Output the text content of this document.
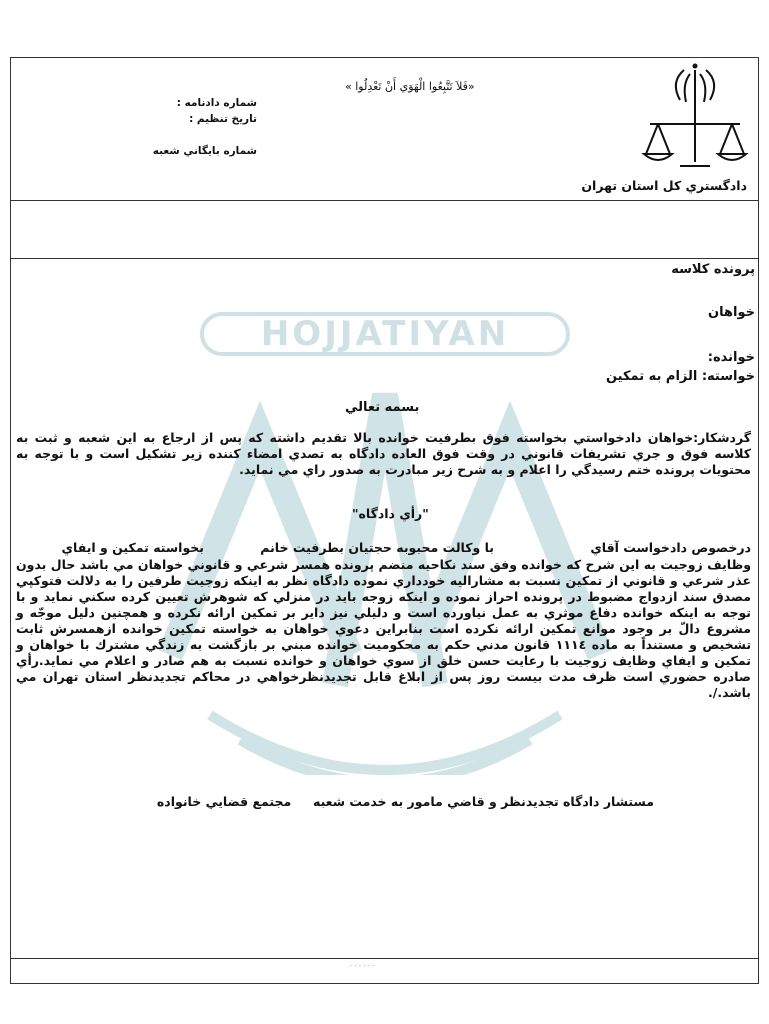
HOJJATIYAN
دادگستري كل استان تهران
«فَلاَ تَتَّبِعُوا الْهَوَي أَنْ تَعْدِلُوا »
شماره دادنامه :
تاريخ تنظيم :
شماره بايگاني شعبه
پرونده كلاسه
خواهان
خوانده:
خواسته: الزام به تمكين
بسمه تعالي

گردشكار:خواهان دادخواستي بخواسته فوق بطرفيت خوانده بالا تقديم داشته كه پس از ارجاع به اين شعبه و ثبت به كلاسه فوق و جري تشريفات قانوني در وقت فوق العاده دادگاه به تصدي امضاء كننده زير تشكيل است و با توجه به محتويات پرونده ختم رسيدگي را اعلام و به شرح زير مبادرت به صدور راي مي نمايد.

"رأي دادگاه"
درخصوص دادخواست آقاي
با وكالت محبوبه حجتيان بطرفيت خانم
بخواسته تمكين و ايفاي

وظايف زوجيت به اين شرح كه خوانده وفق سند نكاحيه منضم پرونده همسر شرعي و قانوني خواهان مي باشد حال بدون عذر شرعي و قانوني از تمكين نسبت به مشاراليه خودداري نموده دادگاه نظر به اينكه زوجيت طرفين را به دلالت فتوكپي مصدق سند ازدواج مضبوط در پرونده احراز نموده و اينكه زوجه بايد در منزلي كه شوهرش تعيين كرده سكني نمايد و با توجه به اينكه خوانده دفاع موثري به عمل نياورده است و دليلي نيز داير بر تمكين ارائه نكرده و همچنين دليل موجّه و مشروع دالّ بر وجود موانع تمكين ارائه نكرده است بنابراين دعوي خواهان به خواسته تمكين خوانده ازهمسرش ثابت تشخيص و مستنداً به ماده ١١١٤ قانون مدني حكم به محكوميت خوانده مبني بر بازگشت به زندگي مشترك با خواهان و تمكين و ايفاي وظايف زوجيت با رعايت حسن خلق از سوي خواهان و خوانده نسبت به هم صادر و اعلام مي نمايد.رأي صادره حضوري است ظرف مدت بيست روز پس از ابلاغ قابل تجديدنظرخواهي در محاكم تجديدنظر استان تهران مي باشد./.

مستشار دادگاه تجديدنظر و قاضي مامور به خدمت شعبه     مجتمع قضايي خانواده
· · · · · ·
